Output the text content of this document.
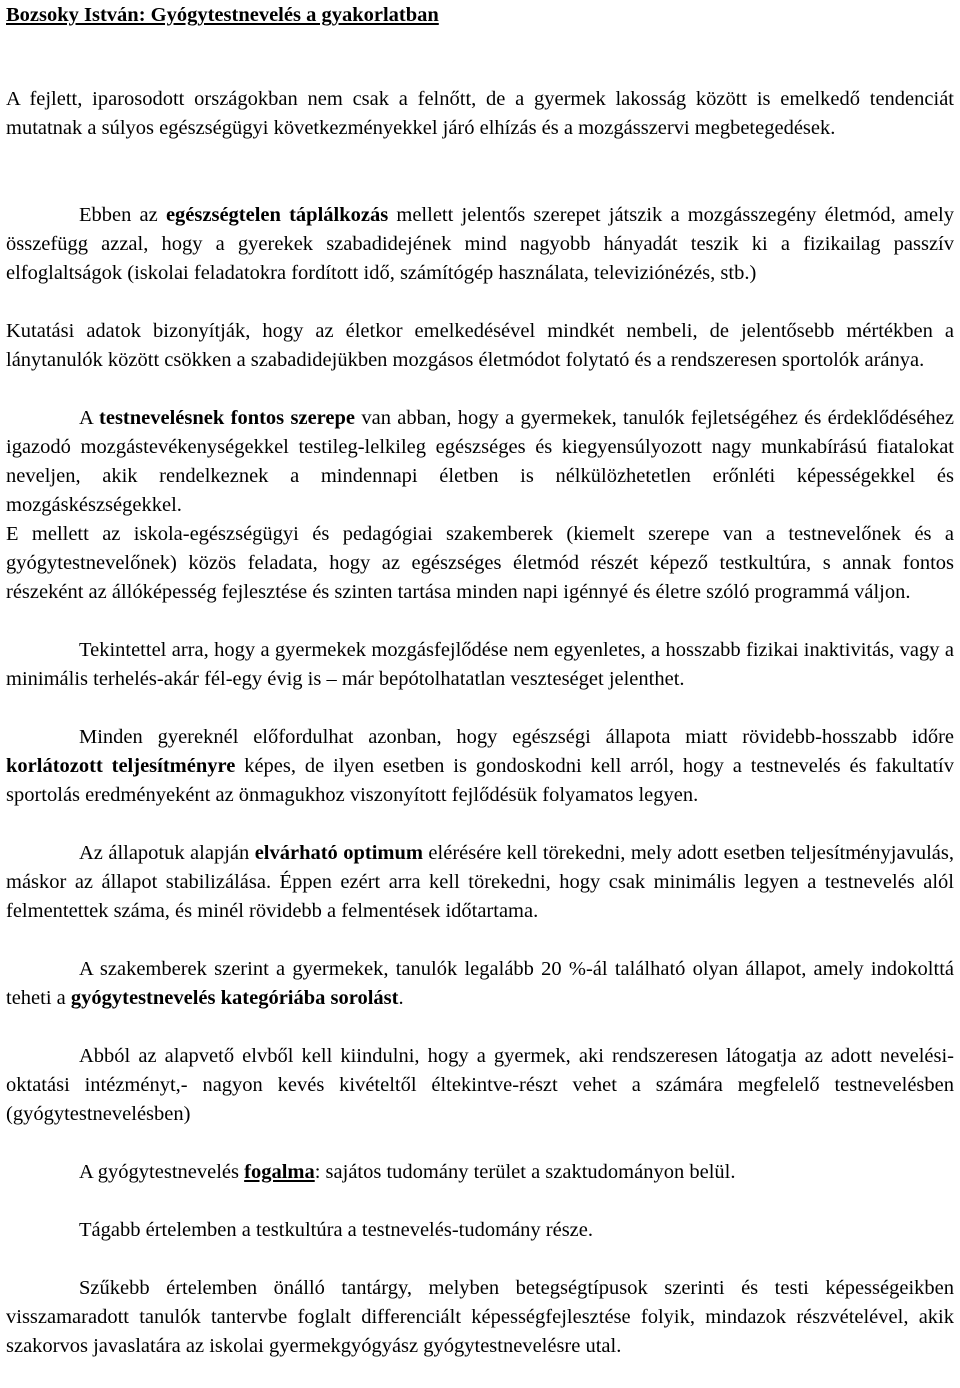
Bozsoky István: Gyógytestnevelés a gyakorlatban

A fejlett, iparosodott országokban nem csak a felnőtt, de a gyermek lakosság között is emelkedő tendenciát mutatnak a súlyos egészségügyi következményekkel járó elhízás és a mozgásszervi megbetegedések.

Ebben az egészségtelen táplálkozás mellett jelentős szerepet játszik a mozgásszegény életmód, amely összefügg azzal, hogy a gyerekek szabadidejének mind nagyobb hányadát teszik ki a fizikailag passzív elfoglaltságok (iskolai feladatokra fordított idő, számítógép használata, televiziónézés, stb.)

Kutatási adatok bizonyítják, hogy az életkor emelkedésével mindkét nembeli, de jelentősebb mértékben a lánytanulók között csökken a szabadidejükben mozgásos életmódot folytató és a rendszeresen sportolók aránya.

A testnevelésnek fontos szerepe van abban, hogy a gyermekek, tanulók fejletségéhez és érdeklődéséhez igazodó mozgástevékenységekkel testileg-lelkileg egészséges és kiegyensúlyozott nagy munkabírású fiatalokat neveljen, akik rendelkeznek a mindennapi életben is nélkülözhetetlen erőnléti képességekkel és mozgáskészségekkel.

E mellett az iskola-egészségügyi és pedagógiai szakemberek (kiemelt szerepe van a testnevelőnek és a gyógytestnevelőnek) közös feladata, hogy az egészséges életmód részét képező testkultúra, s annak fontos részeként az állóképesség fejlesztése és szinten tartása minden napi igénnyé és életre szóló programmá váljon.

Tekintettel arra, hogy a gyermekek mozgásfejlődése nem egyenletes, a hosszabb fizikai inaktivitás, vagy a minimális terhelés-akár fél-egy évig is – már bepótolhatatlan veszteséget jelenthet.

Minden gyereknél előfordulhat azonban, hogy egészségi állapota miatt rövidebb-hosszabb időre korlátozott teljesítményre képes, de ilyen esetben is gondoskodni kell arról, hogy a testnevelés és fakultatív sportolás eredményeként az önmagukhoz viszonyított fejlődésük folyamatos legyen.

Az állapotuk alapján elvárható optimum elérésére kell törekedni, mely adott esetben teljesítményjavulás, máskor az állapot stabilizálása. Éppen ezért arra kell törekedni, hogy csak minimális legyen a testnevelés alól felmentettek száma, és minél rövidebb a felmentések időtartama.

A szakemberek szerint a gyermekek, tanulók legalább 20 %-ál található olyan állapot, amely indokolttá teheti a gyógytestnevelés kategóriába sorolást.

Abból az alapvető elvből kell kiindulni, hogy a gyermek, aki rendszeresen látogatja az adott nevelési-oktatási intézményt,- nagyon kevés kivételtől éltekintve-részt vehet a számára megfelelő testnevelésben (gyógytestnevelésben)

A gyógytestnevelés fogalma: sajátos tudomány terület a szaktudományon belül.

Tágabb értelemben a testkultúra a testnevelés-tudomány része.

Szűkebb értelemben önálló tantárgy, melyben betegségtípusok szerinti és testi képességeikben visszamaradott tanulók tantervbe foglalt differenciált képességfejlesztése folyik, mindazok részvételével, akik szakorvos javaslatára az iskolai gyermekgyógyász gyógytestnevelésre utal.
